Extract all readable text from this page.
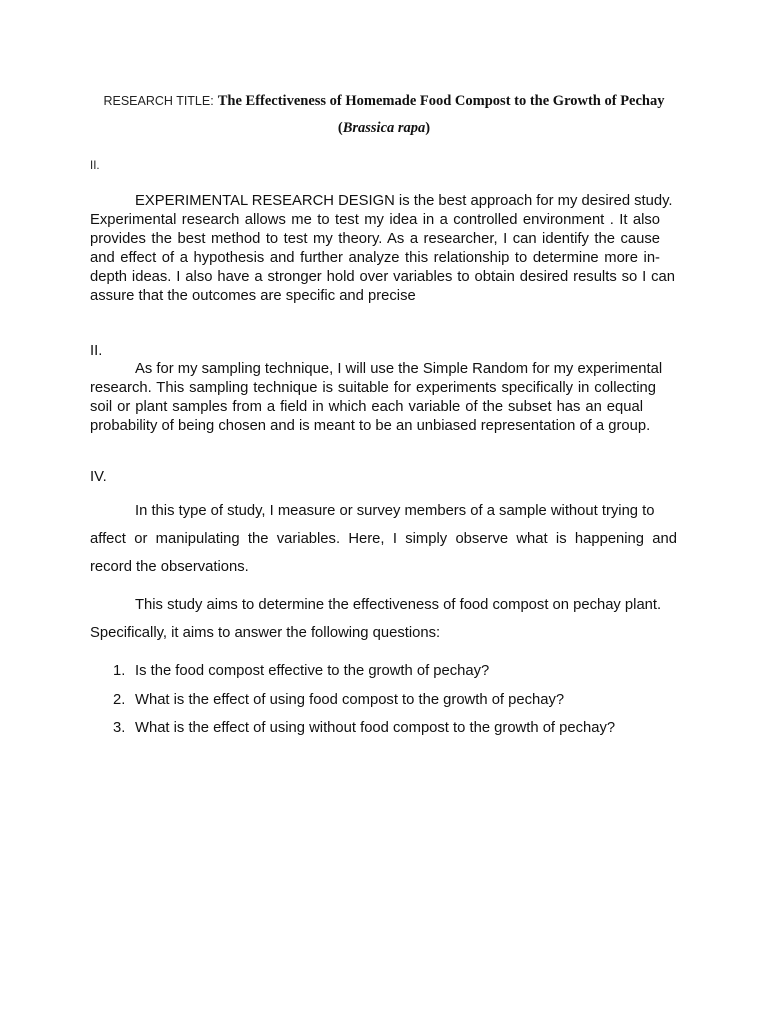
RESEARCH TITLE: The Effectiveness of Homemade Food Compost to the Growth of Pechay
(Brassica rapa)
II.
EXPERIMENTAL RESEARCH DESIGN is the best approach for my desired study.
Experimental research allows me to test my idea in a controlled environment . It also
provides the best method to test my theory. As a researcher, I can identify the cause
and effect of a hypothesis and further analyze this relationship to determine more in-
depth ideas. I also have a stronger hold over variables to obtain desired results so I can
assure that the outcomes are specific and precise
II.
As for my sampling technique, I will use the Simple Random for my experimental
research. This sampling technique is suitable for experiments specifically in collecting
soil or plant samples from a field in which each variable of the subset has an equal
probability of being chosen and is meant to be an unbiased representation of a group.
IV.
In this type of study, I measure or survey members of a sample without trying to
affect or manipulating the variables. Here, I simply observe what is happening and
record the observations.
This study aims to determine the effectiveness of food compost on pechay plant.
Specifically, it aims to answer the following questions:
1. Is the food compost effective to the growth of pechay?
2. What is the effect of using food compost to the growth of pechay?
3. What is the effect of using without food compost to the growth of pechay?
